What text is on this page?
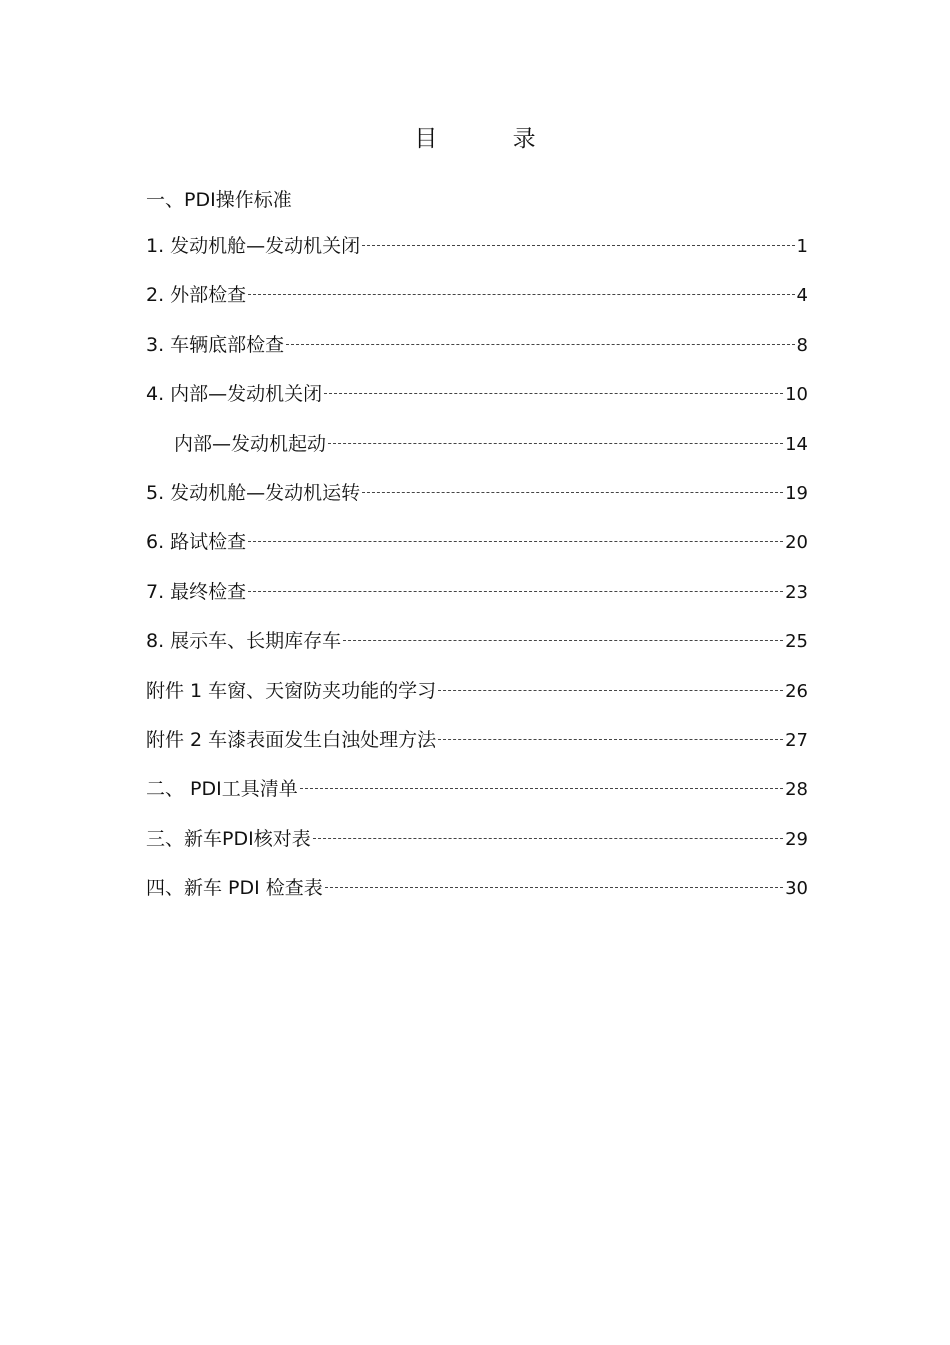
目 录
一、PDI操作标准
1. 发动机舱—发动机关闭	1
2. 外部检查	4
3. 车辆底部检查	8
4. 内部—发动机关闭	10
内部—发动机起动	14
5. 发动机舱—发动机运转	19
6. 路试检查	20
7. 最终检查	23
8. 展示车、长期库存车	25
附件 1 车窗、天窗防夹功能的学习	26
附件 2 车漆表面发生白浊处理方法	27
二、 PDI工具清单	28
三、新车PDI核对表	29
四、新车 PDI 检查表	30
